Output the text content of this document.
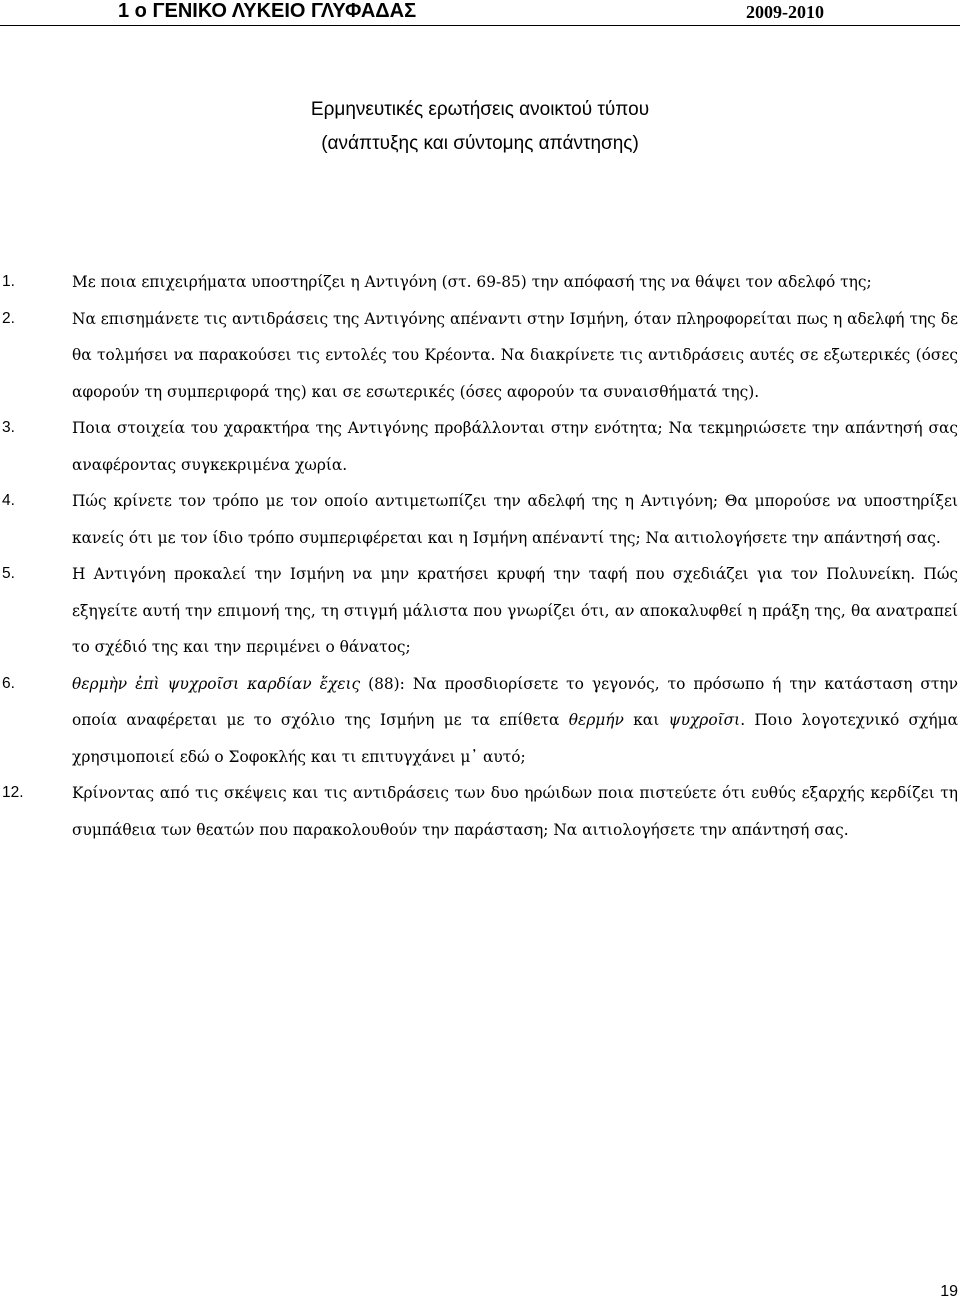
1 ο ΓΕΝΙΚΟ ΛΥΚΕΙΟ ΓΛΥΦΑΔΑΣ	2009-2010
Ερμηνευτικές ερωτήσεις ανοικτού τύπου
(ανάπτυξης και σύντομης απάντησης)
1.	Με ποια επιχειρήματα υποστηρίζει η Αντιγόνη (στ. 69-85) την απόφασή της να θάψει τον αδελφό της;
2.	Να επισημάνετε τις αντιδράσεις της Αντιγόνης απέναντι στην Ισμήνη, όταν πληροφορείται πως η αδελφή της δε θα τολμήσει να παρακούσει τις εντολές του Κρέοντα. Να διακρίνετε τις αντιδράσεις αυτές σε εξωτερικές (όσες αφορούν τη συμπεριφορά της) και σε εσωτερικές (όσες αφορούν τα συναισθήματά της).
3.	Ποια στοιχεία του χαρακτήρα της Αντιγόνης προβάλλονται στην ενότητα; Να τεκμηριώσετε την απάντησή σας αναφέροντας συγκεκριμένα χωρία.
4.	Πώς κρίνετε τον τρόπο με τον οποίο αντιμετωπίζει την αδελφή της η Αντιγόνη; Θα μπορούσε να υποστηρίξει κανείς ότι με τον ίδιο τρόπο συμπεριφέρεται και η Ισμήνη απέναντί της; Να αιτιολογήσετε την απάντησή σας.
5.	Η Αντιγόνη προκαλεί την Ισμήνη να μην κρατήσει κρυφή την ταφή που σχεδιάζει για τον Πολυνείκη. Πώς εξηγείτε αυτή την επιμονή της, τη στιγμή μάλιστα που γνωρίζει ότι, αν αποκαλυφθεί η πράξη της, θα ανατραπεί το σχέδιό της και την περιμένει ο θάνατος;
6.	θερμὴν ἐπὶ ψυχροῖσι καρδίαν ἔχεις (88): Να προσδιορίσετε το γεγονός, το πρόσωπο ή την κατάσταση στην οποία αναφέρεται με το σχόλιο της Ισμήνη με τα επίθετα θερμήν και ψυχροῖσι. Ποιο λογοτεχνικό σχήμα χρησιμοποιεί εδώ ο Σοφοκλής και τι επιτυγχάνει μ᾽ αυτό;
12.	Κρίνοντας από τις σκέψεις και τις αντιδράσεις των δυο ηρώιδων ποια πιστεύετε ότι ευθύς εξαρχής κερδίζει τη συμπάθεια των θεατών που παρακολουθούν την παράσταση; Να αιτιολογήσετε την απάντησή σας.
19
